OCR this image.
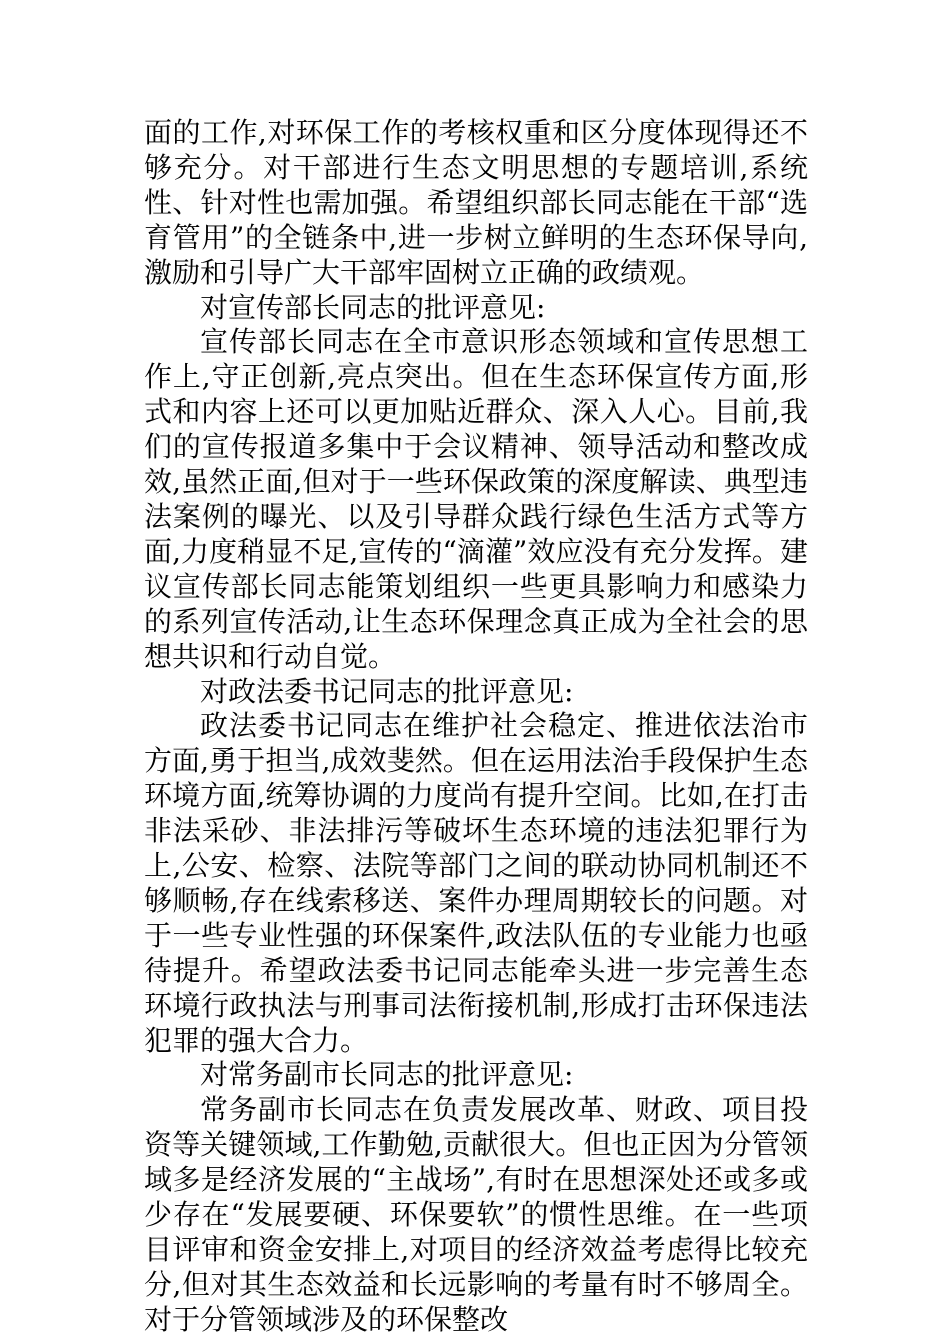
面的工作,对环保工作的考核权重和区分度体现得还不够充分。对干部进行生态文明思想的专题培训,系统性、针对性也需加强。希望组织部长同志能在干部“选育管用”的全链条中,进一步树立鲜明的生态环保导向,激励和引导广大干部牢固树立正确的政绩观。

对宣传部长同志的批评意见:

宣传部长同志在全市意识形态领域和宣传思想工作上,守正创新,亮点突出。但在生态环保宣传方面,形式和内容上还可以更加贴近群众、深入人心。目前,我们的宣传报道多集中于会议精神、领导活动和整改成效,虽然正面,但对于一些环保政策的深度解读、典型违法案例的曝光、以及引导群众践行绿色生活方式等方面,力度稍显不足,宣传的“滴灌”效应没有充分发挥。建议宣传部长同志能策划组织一些更具影响力和感染力的系列宣传活动,让生态环保理念真正成为全社会的思想共识和行动自觉。

对政法委书记同志的批评意见:

政法委书记同志在维护社会稳定、推进依法治市方面,勇于担当,成效斐然。但在运用法治手段保护生态环境方面,统筹协调的力度尚有提升空间。比如,在打击非法采砂、非法排污等破坏生态环境的违法犯罪行为上,公安、检察、法院等部门之间的联动协同机制还不够顺畅,存在线索移送、案件办理周期较长的问题。对于一些专业性强的环保案件,政法队伍的专业能力也亟待提升。希望政法委书记同志能牵头进一步完善生态环境行政执法与刑事司法衔接机制,形成打击环保违法犯罪的强大合力。

对常务副市长同志的批评意见:

常务副市长同志在负责发展改革、财政、项目投资等关键领域,工作勤勉,贡献很大。但也正因为分管领域多是经济发展的“主战场”,有时在思想深处还或多或少存在“发展要硬、环保要软”的惯性思维。在一些项目评审和资金安排上,对项目的经济效益考虑得比较充分,但对其生态效益和长远影响的考量有时不够周全。对于分管领域涉及的环保整改
